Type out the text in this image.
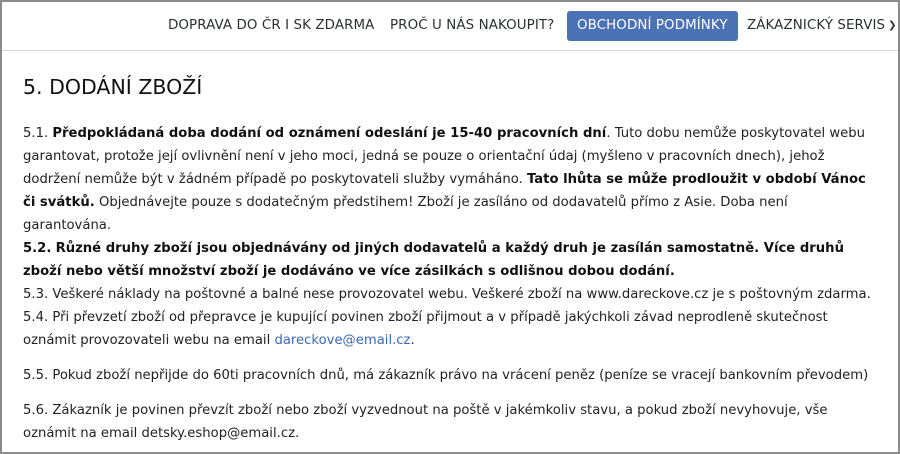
DOPRAVA DO ČR I SK ZDARMA PROČ U NÁS NAKOUPIT?	OBCHODNÍ PODMÍNKY	ZÁKAZNICKÝ SERVIS ❯
5. DODÁNÍ ZBOŽÍ
5.1. Předpokládaná doba dodání od oznámení odeslání je 15-40 pracovních dní. Tuto dobu nemůže poskytovatel webu garantovat, protože její ovlivnění není v jeho moci, jedná se pouze o orientační údaj (myšleno v pracovních dnech), jehož dodržení nemůže být v žádném případě po poskytovateli služby vymáháno. Tato lhůta se může prodloužit v období Vánoc či svátků. Objednávejte pouze s dodatečným předstihem! Zboží je zasíláno od dodavatelů přímo z Asie. Doba není garantována.
5.2. Různé druhy zboží jsou objednávány od jiných dodavatelů a každý druh je zasílán samostatně. Více druhů zboží nebo větší množství zboží je dodáváno ve více zásilkách s odlišnou dobou dodání.
5.3. Veškeré náklady na poštovné a balné nese provozovatel webu. Veškeré zboží na www.dareckove.cz je s poštovným zdarma.
5.4. Při převzetí zboží od přepravce je kupující povinen zboží přijmout a v případě jakýchkoli závad neprodleně skutečnost oznámit provozovateli webu na email dareckove@email.cz.
5.5. Pokud zboží nepřijde do 60ti pracovních dnů, má zákazník právo na vrácení peněz (peníze se vracejí bankovním převodem)
5.6. Zákazník je povinen převzít zboží nebo zboží vyzvednout na poště v jakémkoliv stavu, a pokud zboží nevyhovuje, vše oznámit na email detsky.eshop@email.cz.
